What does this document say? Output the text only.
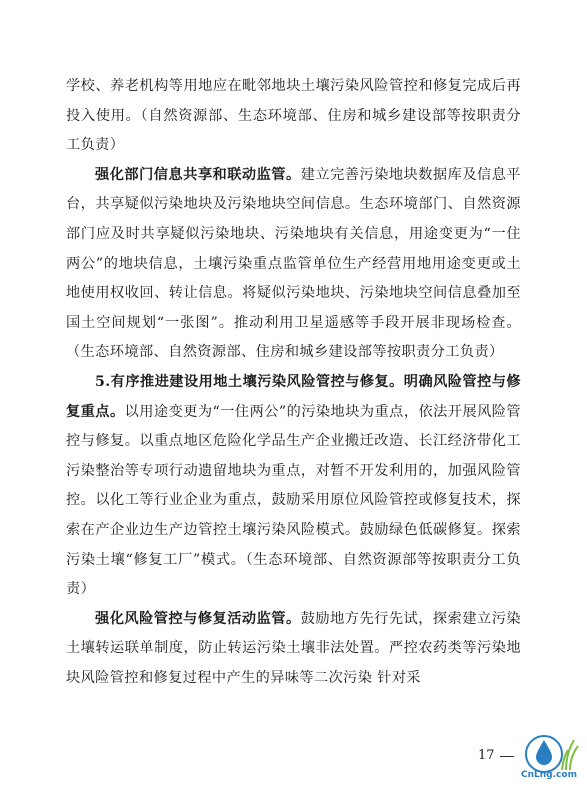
学校、养老机构等用地应在毗邻地块土壤污染风险管控和修复完成后再投入使用。（自然资源部、生态环境部、住房和城乡建设部等按职责分工负责）

强化部门信息共享和联动监管。建立完善污染地块数据库及信息平台，共享疑似污染地块及污染地块空间信息。生态环境部门、自然资源部门应及时共享疑似污染地块、污染地块有关信息，用途变更为“一住两公”的地块信息，土壤污染重点监管单位生产经营用地用途变更或土地使用权收回、转让信息。将疑似污染地块、污染地块空间信息叠加至国土空间规划“一张图”。推动利用卫星遥感等手段开展非现场检查。（生态环境部、自然资源部、住房和城乡建设部等按职责分工负责）

5.有序推进建设用地土壤污染风险管控与修复。明确风险管控与修复重点。以用途变更为“一住两公”的污染地块为重点，依法开展风险管控与修复。以重点地区危险化学品生产企业搬迁改造、长江经济带化工污染整治等专项行动遗留地块为重点，对暂不开发利用的，加强风险管控。以化工等行业企业为重点，鼓励采用原位风险管控或修复技术，探索在产企业边生产边管控土壤污染风险模式。鼓励绿色低碳修复。探索污染土壤“修复工厂”模式。（生态环境部、自然资源部等按职责分工负责）

强化风险管控与修复活动监管。鼓励地方先行先试，探索建立污染土壤转运联单制度，防止转运污染土壤非法处置。严控农药类等污染地块风险管控和修复过程中产生的异味等二次污染 针对采

17
CnLng.com
